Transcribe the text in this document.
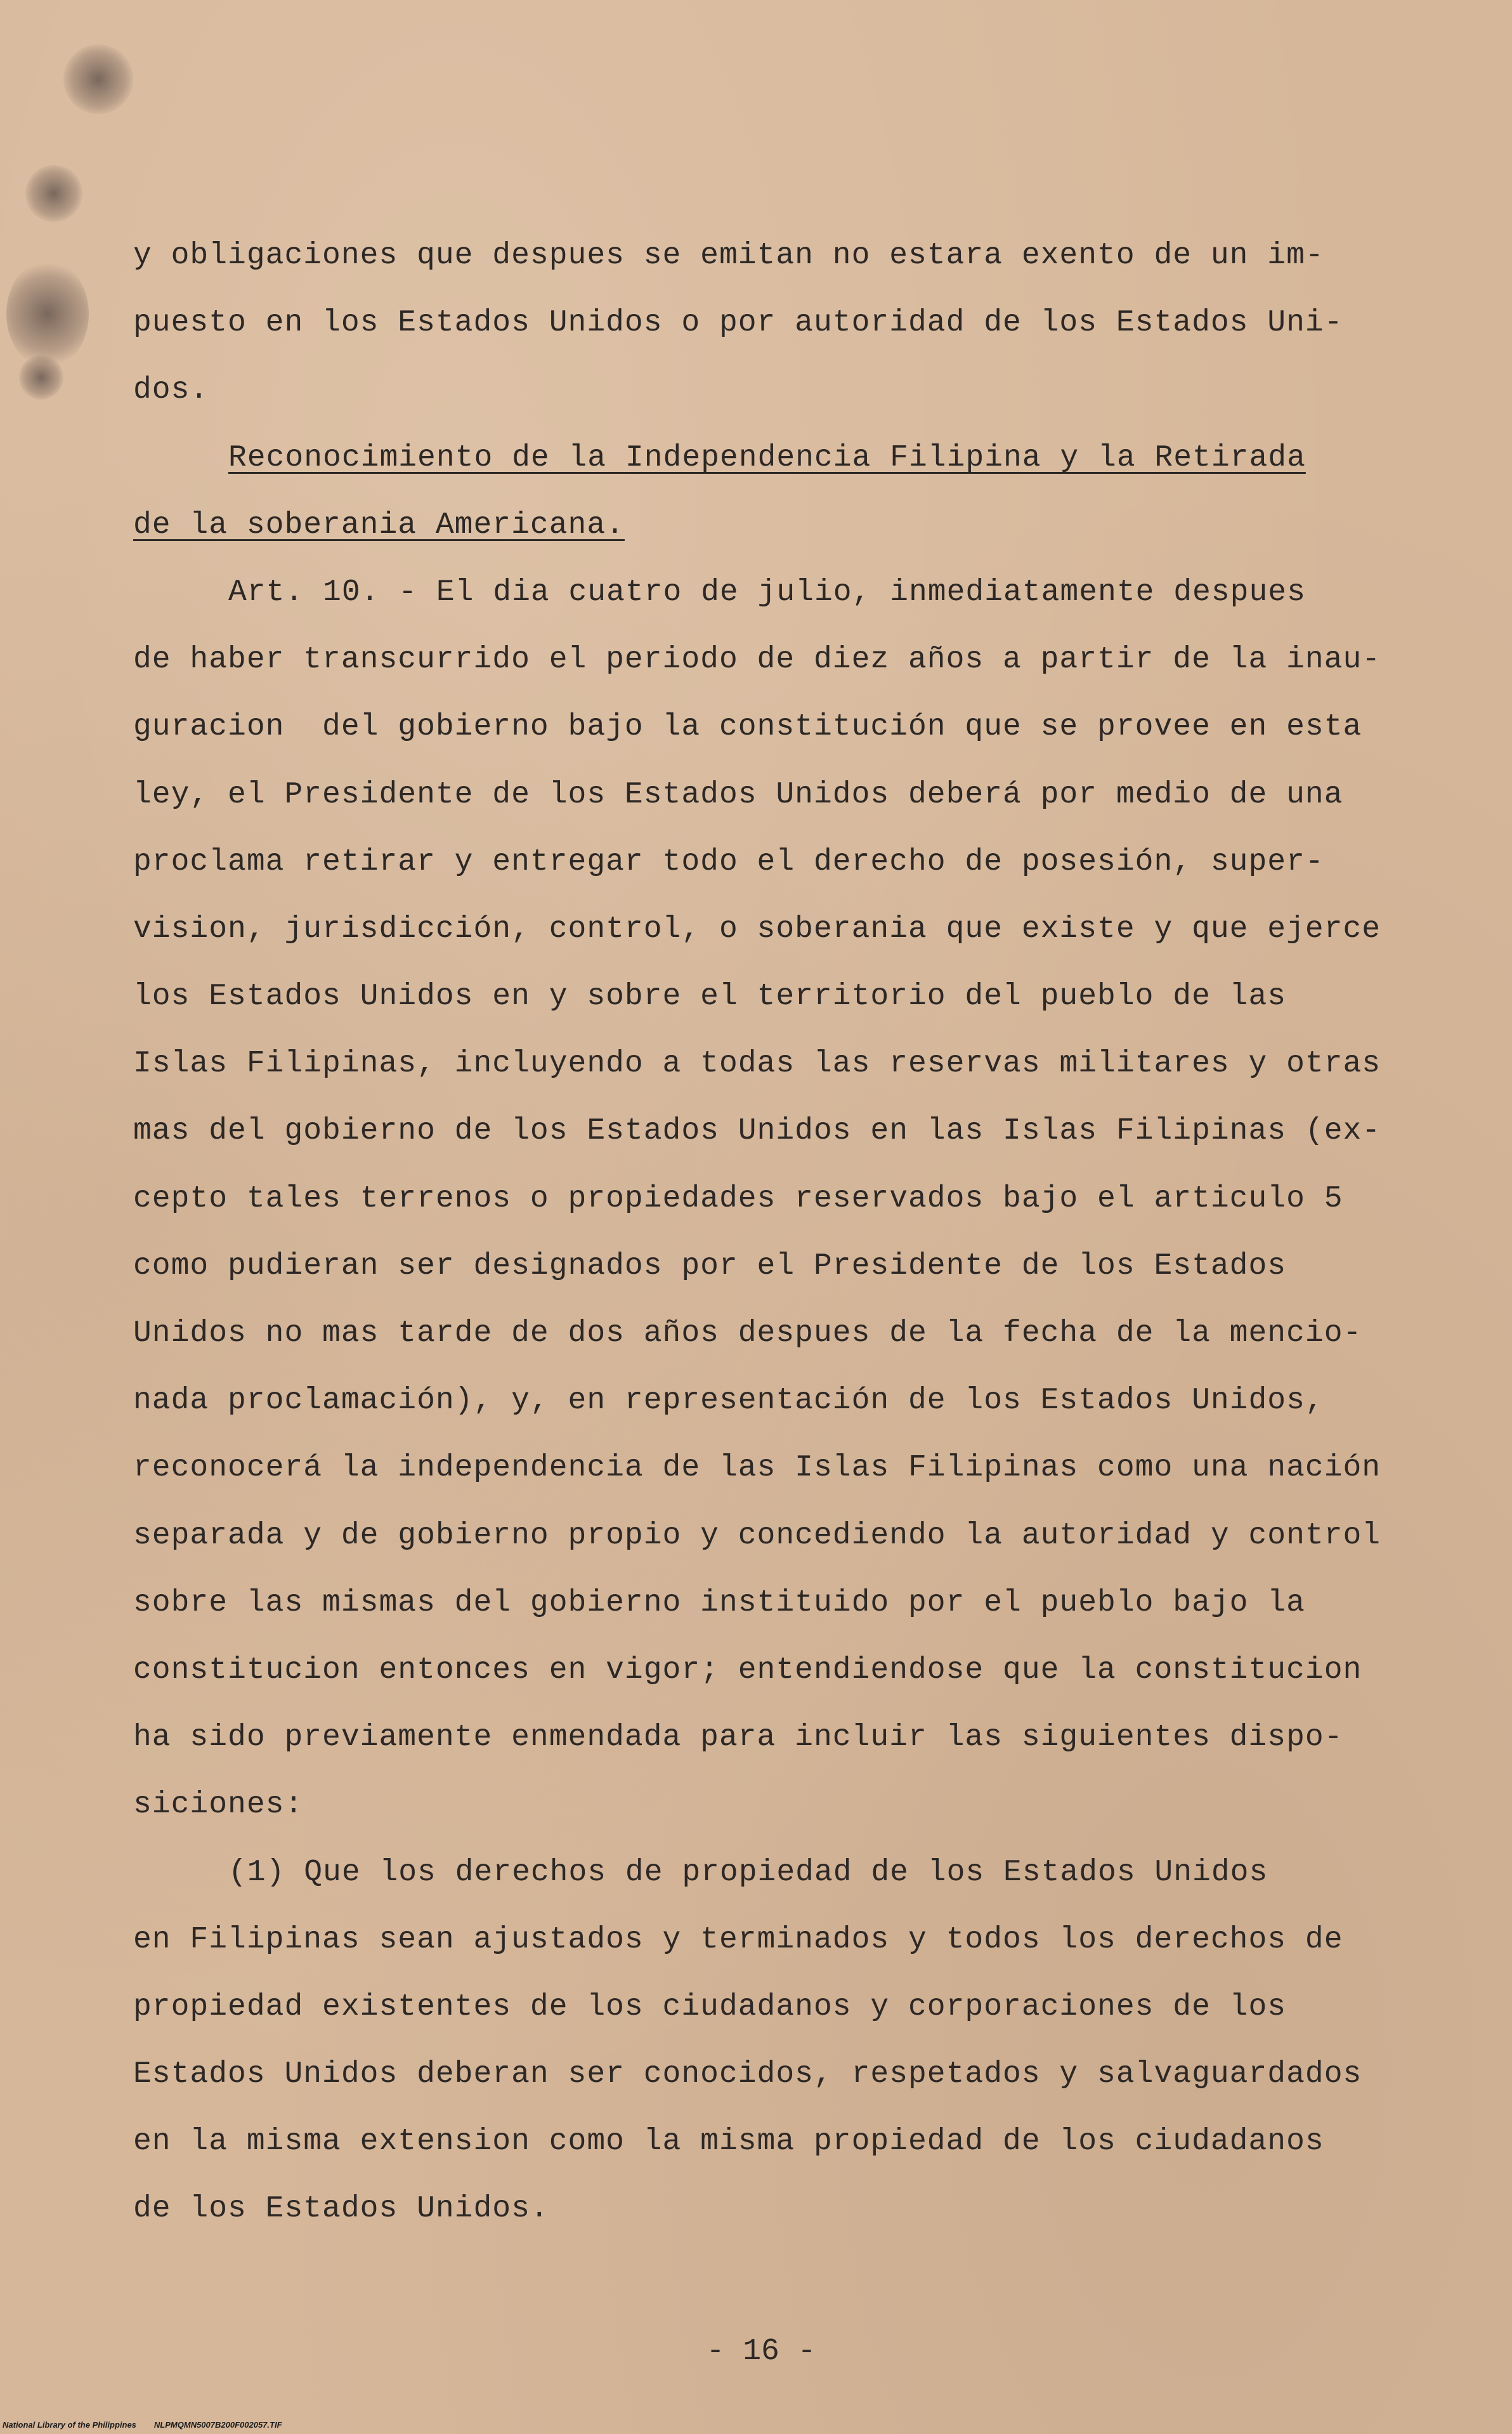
y obligaciones que despues se emitan no estara exento de un im-
puesto en los Estados Unidos o por autoridad de los Estados Uni-
dos.
Reconocimiento de la Independencia Filipina y la Retirada
de la soberania Americana.
Art. 10. - El dia cuatro de julio, inmediatamente despues
de haber transcurrido el periodo de diez años a partir de la inau-
guracion  del gobierno bajo la constitución que se provee en esta
ley, el Presidente de los Estados Unidos deberá por medio de una
proclama retirar y entregar todo el derecho de posesión, super-
vision, jurisdicción, control, o soberania que existe y que ejerce
los Estados Unidos en y sobre el territorio del pueblo de las
Islas Filipinas, incluyendo a todas las reservas militares y otras
mas del gobierno de los Estados Unidos en las Islas Filipinas (ex-
cepto tales terrenos o propiedades reservados bajo el articulo 5
como pudieran ser designados por el Presidente de los Estados
Unidos no mas tarde de dos años despues de la fecha de la mencio-
nada proclamación), y, en representación de los Estados Unidos,
reconocerá la independencia de las Islas Filipinas como una nación
separada y de gobierno propio y concediendo la autoridad y control
sobre las mismas del gobierno instituido por el pueblo bajo la
constitucion entonces en vigor; entendiendose que la constitucion
ha sido previamente enmendada para incluir las siguientes dispo-
siciones:
(1) Que los derechos de propiedad de los Estados Unidos
en Filipinas sean ajustados y terminados y todos los derechos de
propiedad existentes de los ciudadanos y corporaciones de los
Estados Unidos deberan ser conocidos, respetados y salvaguardados
en la misma extension como la misma propiedad de los ciudadanos
de los Estados Unidos.
- 16 -
National Library of the Philippines NLPMQMN5007B200F002057.TIF
